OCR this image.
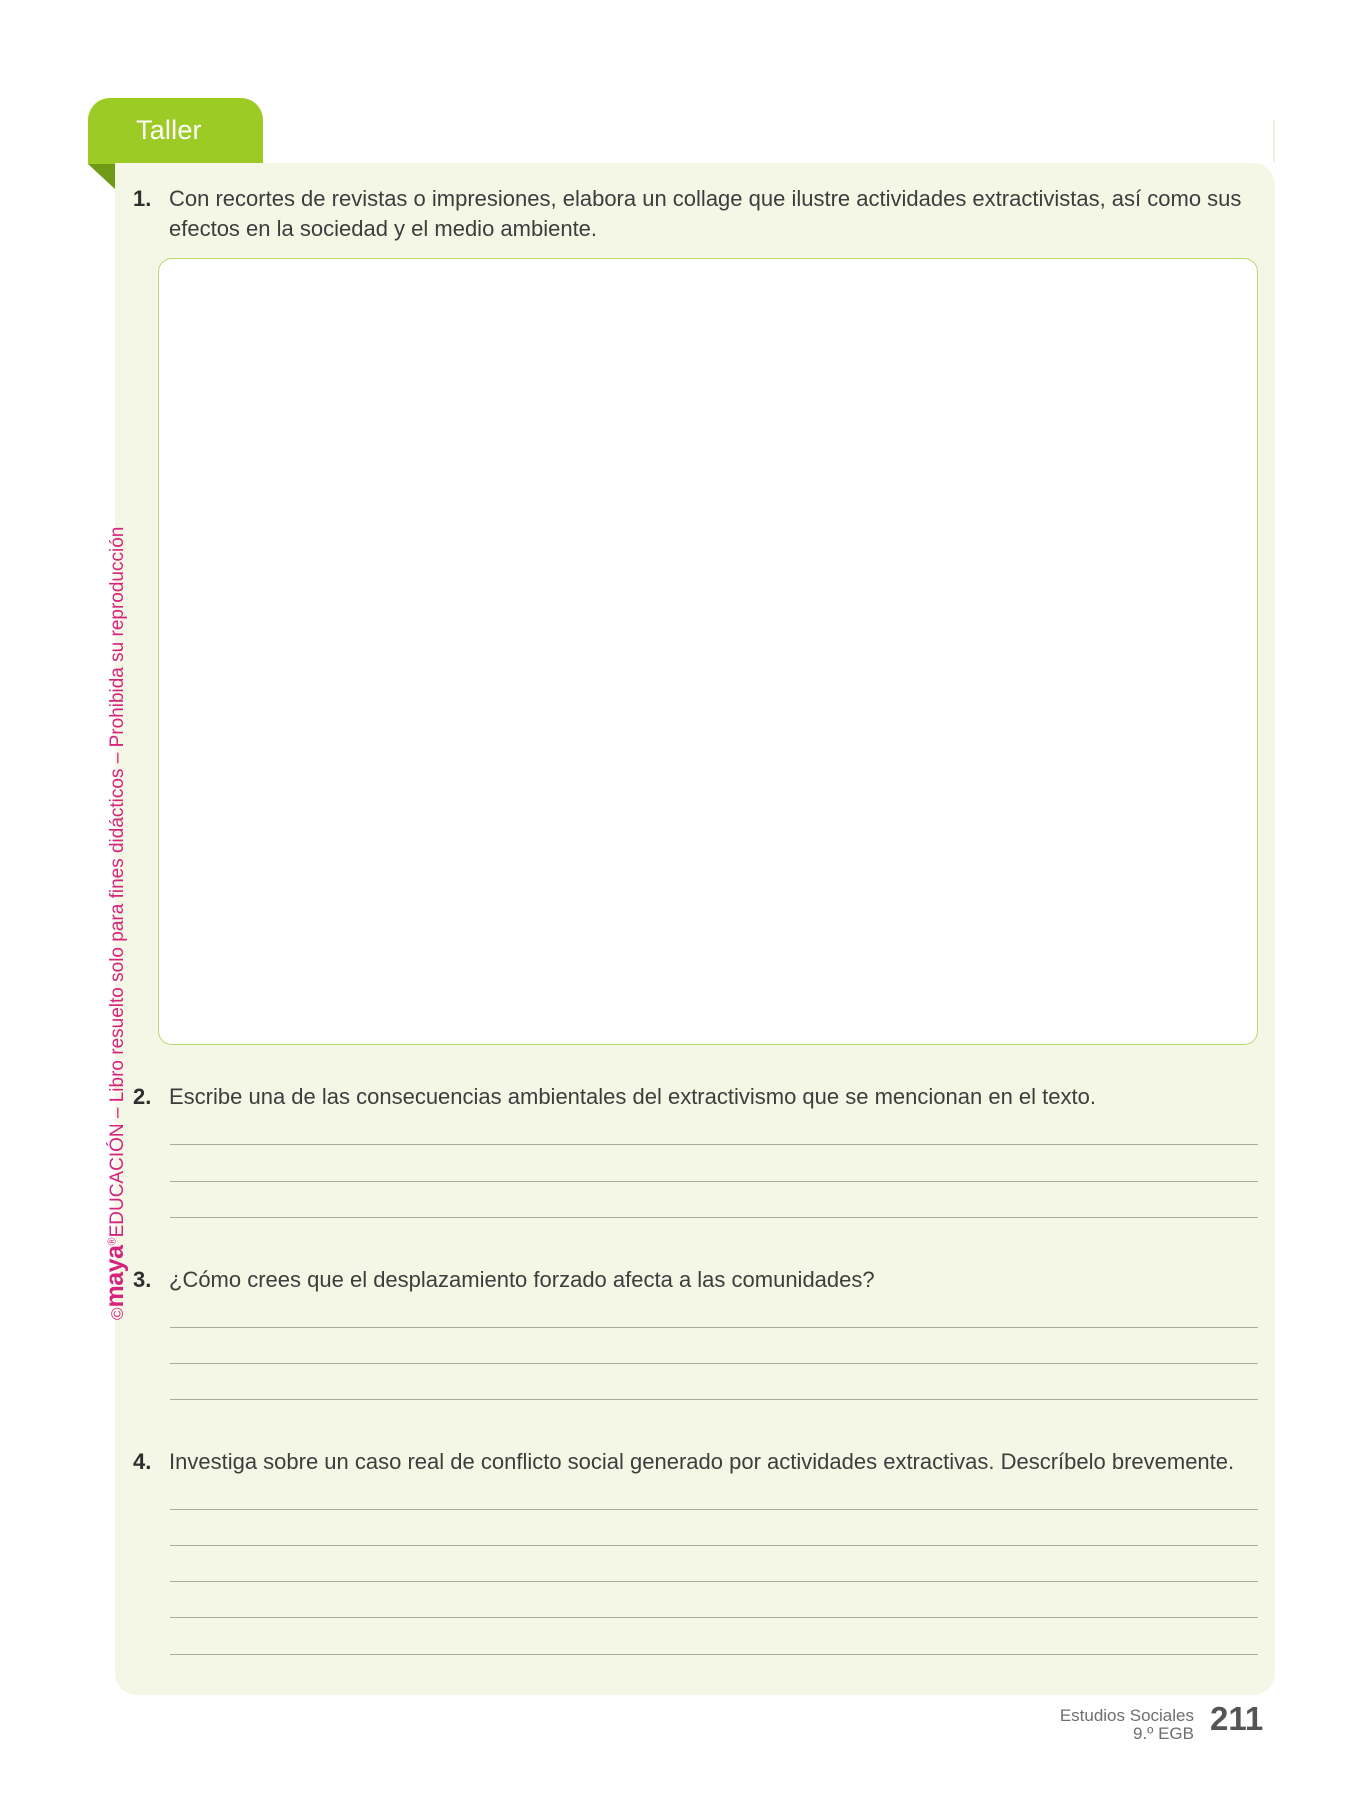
Taller
1. Con recortes de revistas o impresiones, elabora un collage que ilustre actividades extractivistas, así como sus efectos en la sociedad y el medio ambiente.
2. Escribe una de las consecuencias ambientales del extractivismo que se mencionan en el texto.
3. ¿Cómo crees que el desplazamiento forzado afecta a las comunidades?
4. Investiga sobre un caso real de conflicto social generado por actividades extractivas. Descríbelo brevemente.
©maya®EDUCACIÓN – Libro resuelto solo para fines didácticos – Prohibida su reproducción
Estudios Sociales
9.º EGB 211
